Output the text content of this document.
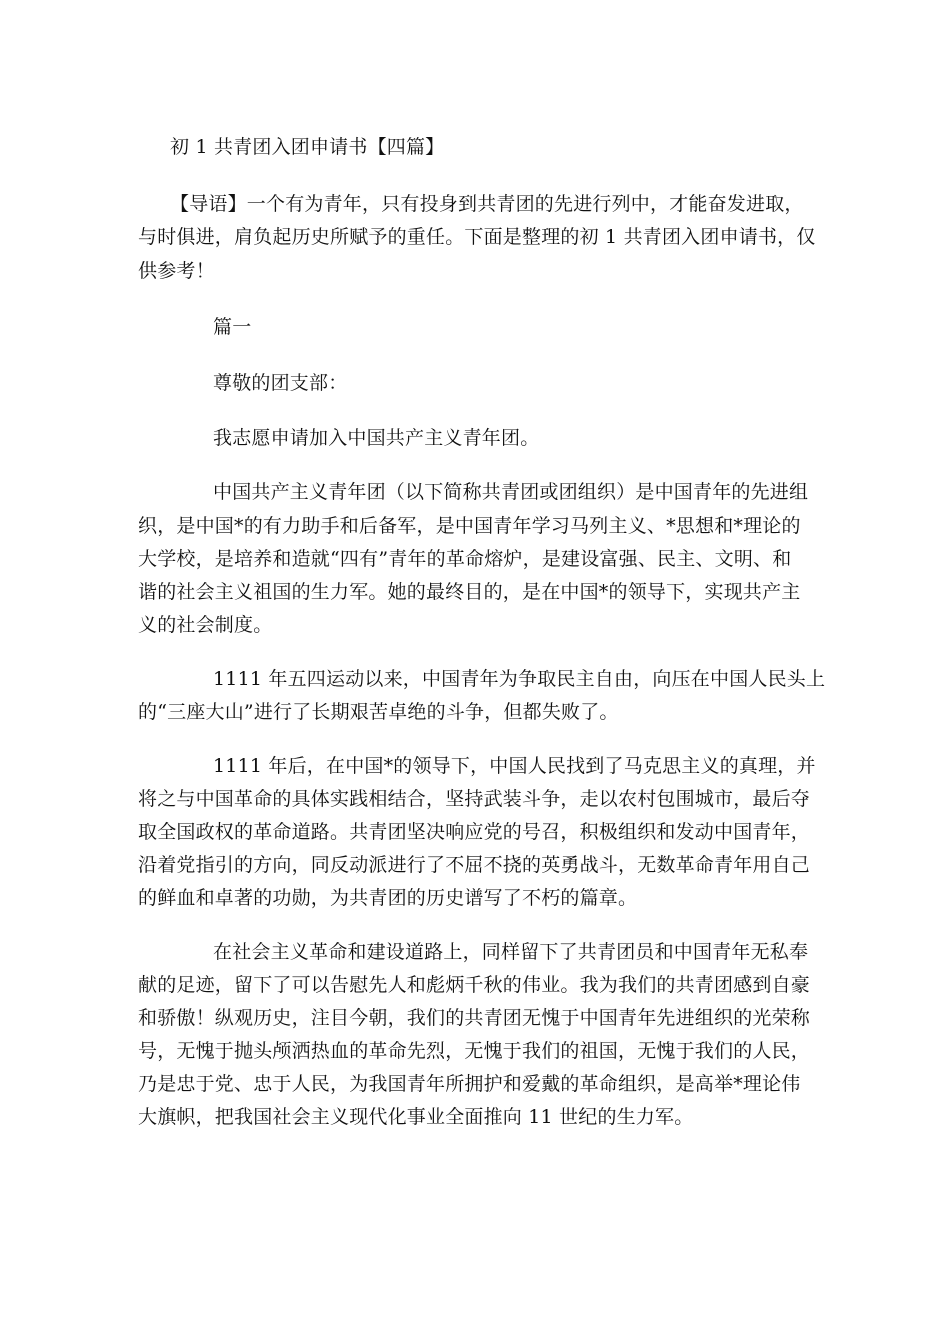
初 1 共青团入团申请书【四篇】
【导语】一个有为青年，只有投身到共青团的先进行列中，才能奋发进取，
与时俱进，肩负起历史所赋予的重任。下面是整理的初 1 共青团入团申请书，仅
供参考！
篇一
尊敬的团支部：
我志愿申请加入中国共产主义青年团。
中国共产主义青年团（以下简称共青团或团组织）是中国青年的先进组
织，是中国*的有力助手和后备军，是中国青年学习马列主义、*思想和*理论的
大学校，是培养和造就“四有”青年的革命熔炉，是建设富强、民主、文明、和
谐的社会主义祖国的生力军。她的最终目的，是在中国*的领导下，实现共产主
义的社会制度。
1111 年五四运动以来，中国青年为争取民主自由，向压在中国人民头上
的“三座大山”进行了长期艰苦卓绝的斗争，但都失败了。
1111 年后，在中国*的领导下，中国人民找到了马克思主义的真理，并
将之与中国革命的具体实践相结合，坚持武装斗争，走以农村包围城市，最后夺
取全国政权的革命道路。共青团坚决响应党的号召，积极组织和发动中国青年，
沿着党指引的方向，同反动派进行了不屈不挠的英勇战斗，无数革命青年用自己
的鲜血和卓著的功勋，为共青团的历史谱写了不朽的篇章。
在社会主义革命和建设道路上，同样留下了共青团员和中国青年无私奉
献的足迹，留下了可以告慰先人和彪炳千秋的伟业。我为我们的共青团感到自豪
和骄傲！纵观历史，注目今朝，我们的共青团无愧于中国青年先进组织的光荣称
号，无愧于抛头颅洒热血的革命先烈，无愧于我们的祖国，无愧于我们的人民，
乃是忠于党、忠于人民，为我国青年所拥护和爱戴的革命组织，是高举*理论伟
大旗帜，把我国社会主义现代化事业全面推向 11 世纪的生力军。
